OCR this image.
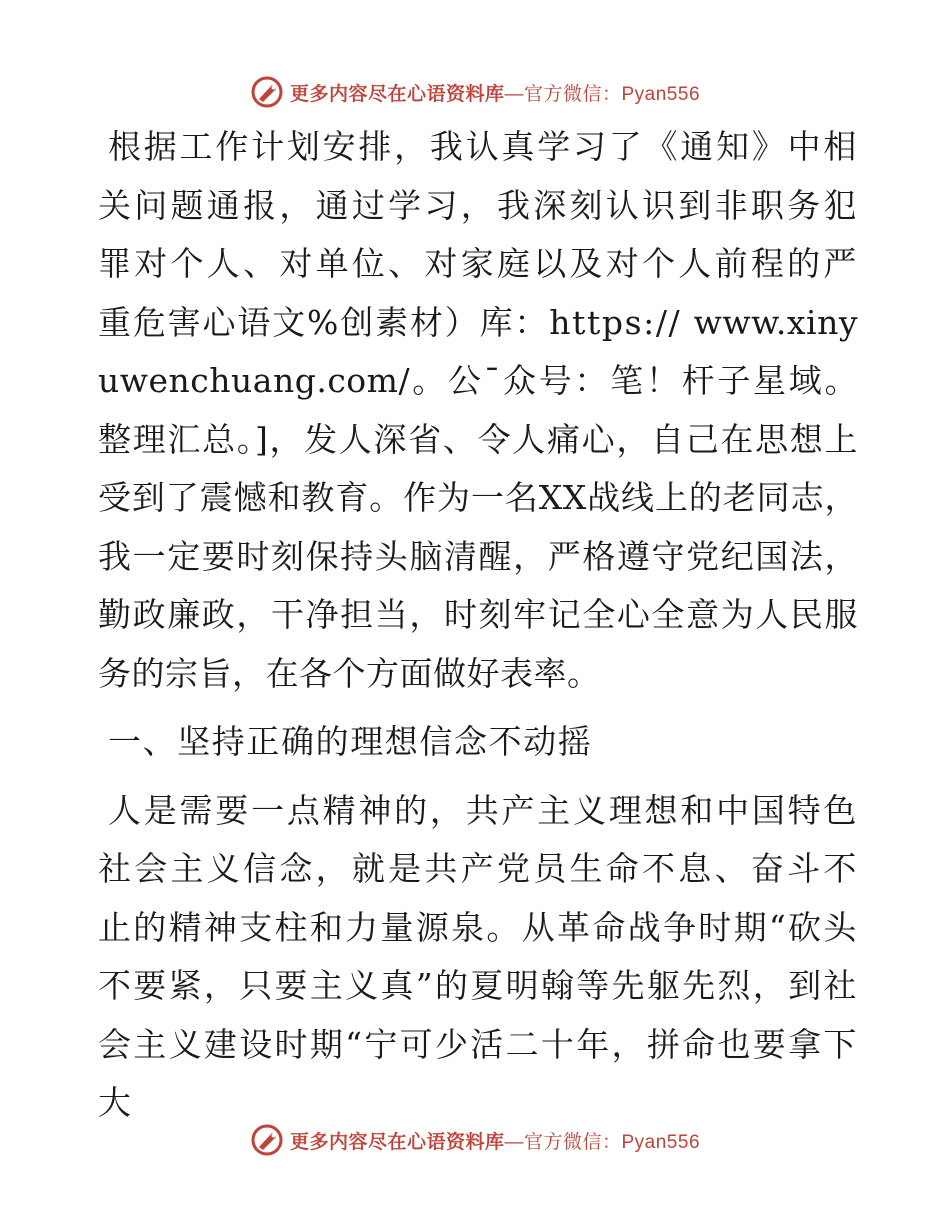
更多内容尽在心语资料库—官方微信：Pyan556

根据工作计划安排，我认真学习了《通知》中相关问题通报，通过学习，我深刻认识到非职务犯罪对个人、对单位、对家庭以及对个人前程的严重危害心语文%创素材）库：https:// www.xinyuwenchuang.com/。公¯众号：笔！杆子星域。整理汇总。]，发人深省、令人痛心，自己在思想上受到了震憾和教育。作为一名XX战线上的老同志，我一定要时刻保持头脑清醒，严格遵守党纪国法，勤政廉政，干净担当，时刻牢记全心全意为人民服务的宗旨，在各个方面做好表率。

一、坚持正确的理想信念不动摇

人是需要一点精神的，共产主义理想和中国特色社会主义信念，就是共产党员生命不息、奋斗不止的精神支柱和力量源泉。从革命战争时期“砍头不要紧，只要主义真”的夏明翰等先躯先烈，到社会主义建设时期“宁可少活二十年，拼命也要拿下大

更多内容尽在心语资料库—官方微信：Pyan556
